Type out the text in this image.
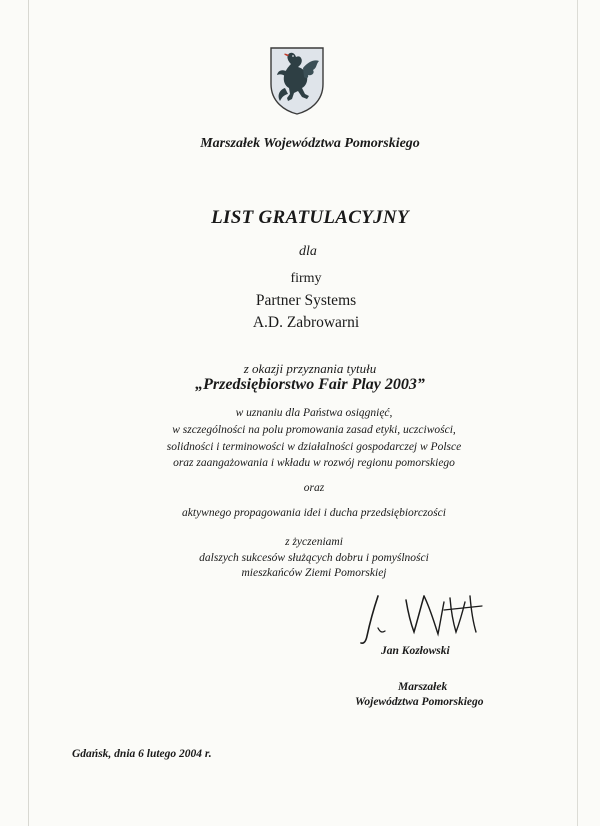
Marszałek Województwa Pomorskiego
LIST GRATULACYJNY
dla
firmy
Partner Systems
A.D. Zabrowarni
z okazji przyznania tytułu
„Przedsiębiorstwo Fair Play 2003”
w uznaniu dla Państwa osiągnięć,
w szczególności na polu promowania zasad etyki, uczciwości,
solidności i terminowości w działalności gospodarczej w Polsce
oraz zaangażowania i wkładu w rozwój regionu pomorskiego
oraz
aktywnego propagowania idei i ducha przedsiębiorczości
z życzeniami
dalszych sukcesów służących dobru i pomyślności
mieszkańców Ziemi Pomorskiej
Jan Kozłowski
Marszałek
Województwa Pomorskiego
Gdańsk, dnia 6 lutego 2004 r.
